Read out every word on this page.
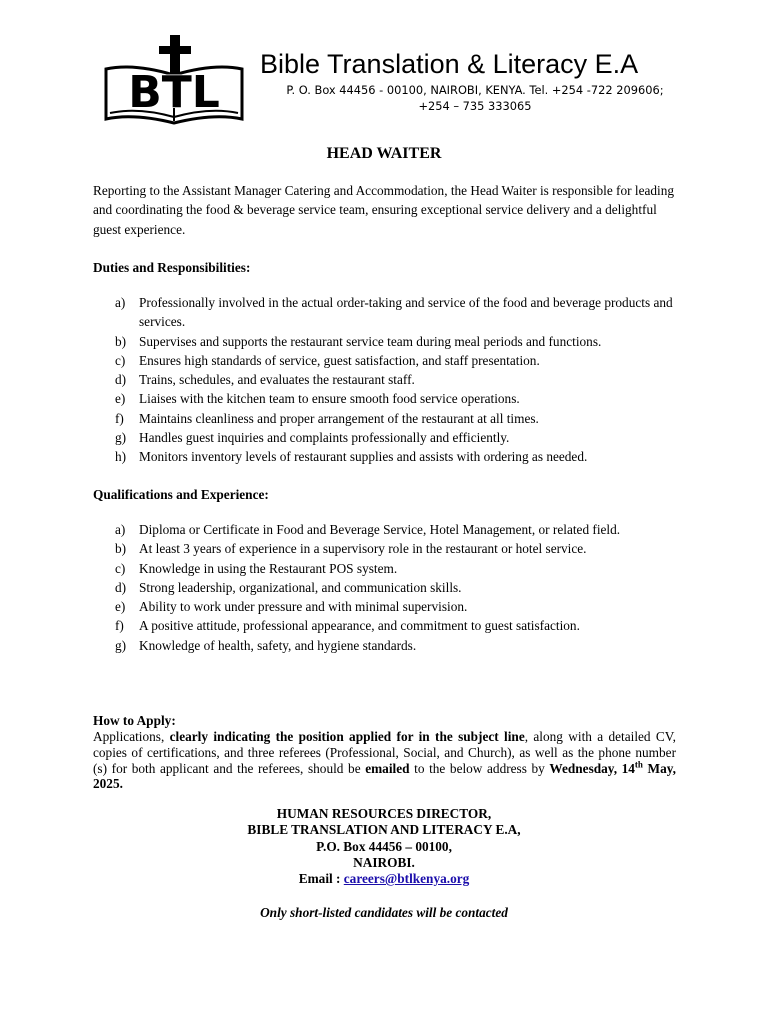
BTL
Bible Translation & Literacy E.A
P. O. Box 44456 - 00100, NAIROBI, KENYA. Tel. +254 -722 209606;
+254 – 735 333065
HEAD WAITER
Reporting to the Assistant Manager Catering and Accommodation, the Head Waiter is responsible for leading and coordinating the food & beverage service team, ensuring exceptional service delivery and a delightful guest experience.
Duties and Responsibilities:
a) Professionally involved in the actual order-taking and service of the food and beverage products and services.
b) Supervises and supports the restaurant service team during meal periods and functions.
c) Ensures high standards of service, guest satisfaction, and staff presentation.
d) Trains, schedules, and evaluates the restaurant staff.
e) Liaises with the kitchen team to ensure smooth food service operations.
f) Maintains cleanliness and proper arrangement of the restaurant at all times.
g) Handles guest inquiries and complaints professionally and efficiently.
h) Monitors inventory levels of restaurant supplies and assists with ordering as needed.
Qualifications and Experience:
a) Diploma or Certificate in Food and Beverage Service, Hotel Management, or related field.
b) At least 3 years of experience in a supervisory role in the restaurant or hotel service.
c) Knowledge in using the Restaurant POS system.
d) Strong leadership, organizational, and communication skills.
e) Ability to work under pressure and with minimal supervision.
f) A positive attitude, professional appearance, and commitment to guest satisfaction.
g) Knowledge of health, safety, and hygiene standards.
How to Apply:
Applications, clearly indicating the position applied for in the subject line, along with a detailed CV, copies of certifications, and three referees (Professional, Social, and Church), as well as the phone number (s) for both applicant and the referees, should be emailed to the below address by Wednesday, 14th May, 2025.
HUMAN RESOURCES DIRECTOR,
BIBLE TRANSLATION AND LITERACY E.A,
P.O. Box 44456 – 00100,
NAIROBI.
Email : careers@btlkenya.org
Only short-listed candidates will be contacted
